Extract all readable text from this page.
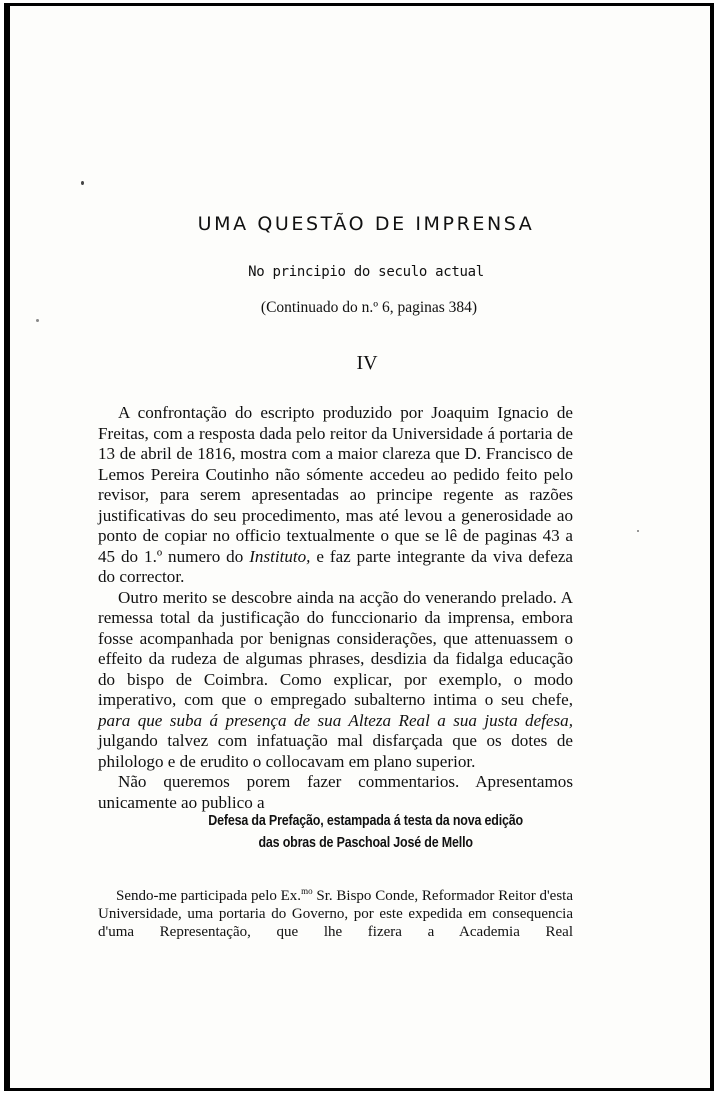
UMA QUESTÃO DE IMPRENSA
No principio do seculo actual
(Continuado do n.º 6, paginas 384)
IV

A confrontação do escripto produzido por Joaquim Ignacio de Freitas, com a resposta dada pelo reitor da Universidade á portaria de 13 de abril de 1816, mostra com a maior clareza que D. Francisco de Lemos Pereira Coutinho não sómente accedeu ao pedido feito pelo revisor, para serem apresentadas ao principe regente as razões justificativas do seu procedimento, mas até levou a generosidade ao ponto de copiar no officio textualmente o que se lê de paginas 43 a 45 do 1.º numero do Instituto, e faz parte integrante da viva defeza do corrector.

Outro merito se descobre ainda na acção do venerando prelado. A remessa total da justificação do funccionario da imprensa, embora fosse acompanhada por benignas considerações, que attenuassem o effeito da rudeza de algumas phrases, desdizia da fidalga educação do bispo de Coimbra. Como explicar, por exemplo, o modo imperativo, com que o empregado subalterno intima o seu chefe, para que suba á presença de sua Alteza Real a sua justa defesa, julgando talvez com infatuação mal disfarçada que os dotes de philologo e de erudito o collocavam em plano superior.

Não queremos porem fazer commentarios. Apresentamos unicamente ao publico a

Defesa da Prefação, estampada á testa da nova edição
das obras de Paschoal José de Mello

Sendo-me participada pelo Ex.$^{mo}$ Sr. Bispo Conde, Reformador Reitor d'esta Universidade, uma portaria do Governo, por este expedida em consequencia d'uma Representação, que lhe fizera a Academia Real
